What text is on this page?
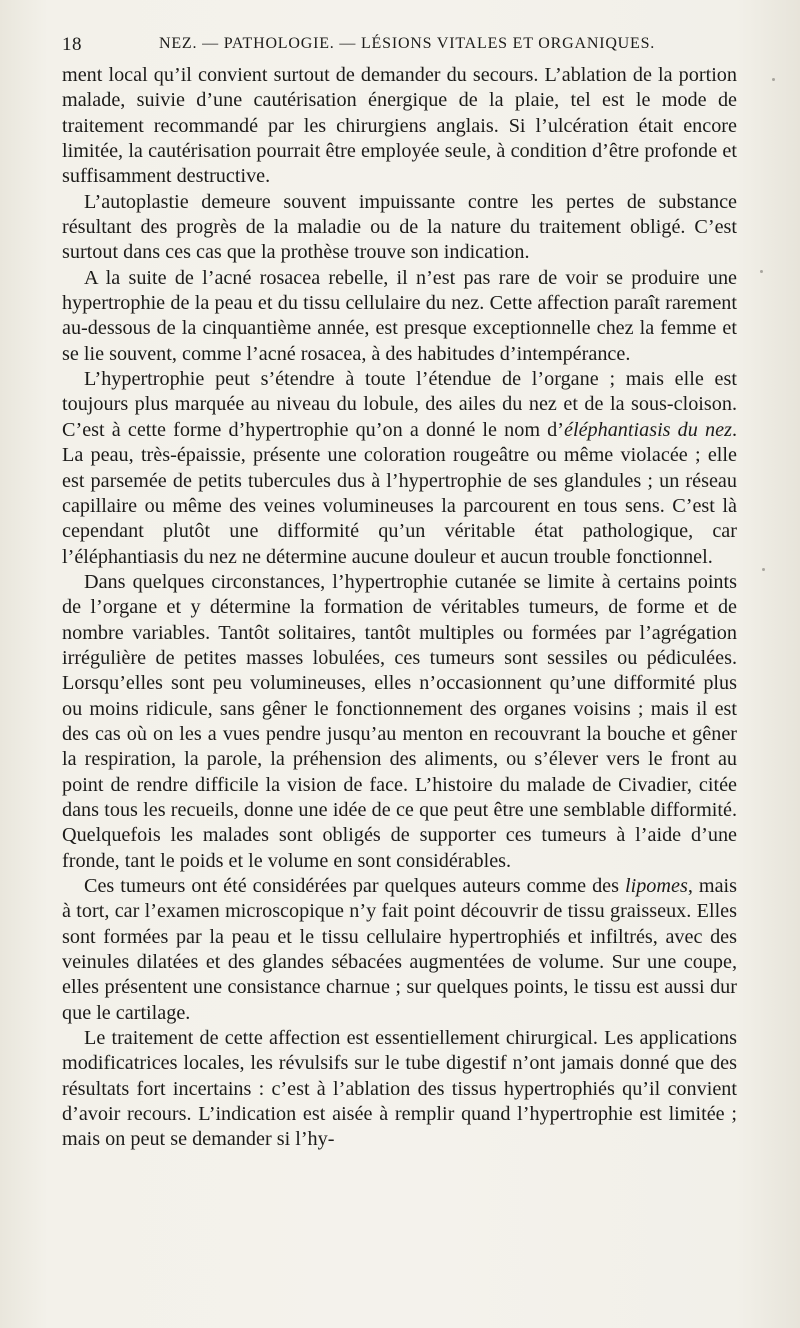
18	NEZ. — PATHOLOGIE. — LÉSIONS VITALES ET ORGANIQUES.

ment local qu’il convient surtout de demander du secours. L’ablation de la portion malade, suivie d’une cautérisation énergique de la plaie, tel est le mode de traitement recommandé par les chirurgiens anglais. Si l’ulcération était encore limitée, la cautérisation pourrait être employée seule, à condition d’être profonde et suffisamment destructive.

L’autoplastie demeure souvent impuissante contre les pertes de substance résultant des progrès de la maladie ou de la nature du traitement obligé. C’est surtout dans ces cas que la prothèse trouve son indication.

A la suite de l’acné rosacea rebelle, il n’est pas rare de voir se produire une hypertrophie de la peau et du tissu cellulaire du nez. Cette affection paraît rarement au-dessous de la cinquantième année, est presque exceptionnelle chez la femme et se lie souvent, comme l’acné rosacea, à des habitudes d’intempérance.

L’hypertrophie peut s’étendre à toute l’étendue de l’organe ; mais elle est toujours plus marquée au niveau du lobule, des ailes du nez et de la sous-cloison. C’est à cette forme d’hypertrophie qu’on a donné le nom d’éléphantiasis du nez. La peau, très-épaissie, présente une coloration rougeâtre ou même violacée ; elle est parsemée de petits tubercules dus à l’hypertrophie de ses glandules ; un réseau capillaire ou même des veines volumineuses la parcourent en tous sens. C’est là cependant plutôt une difformité qu’un véritable état pathologique, car l’éléphantiasis du nez ne détermine aucune douleur et aucun trouble fonctionnel.

Dans quelques circonstances, l’hypertrophie cutanée se limite à certains points de l’organe et y détermine la formation de véritables tumeurs, de forme et de nombre variables. Tantôt solitaires, tantôt multiples ou formées par l’agrégation irrégulière de petites masses lobulées, ces tumeurs sont sessiles ou pédiculées. Lorsqu’elles sont peu volumineuses, elles n’occasionnent qu’une difformité plus ou moins ridicule, sans gêner le fonctionnement des organes voisins ; mais il est des cas où on les a vues pendre jusqu’au menton en recouvrant la bouche et gêner la respiration, la parole, la préhension des aliments, ou s’élever vers le front au point de rendre difficile la vision de face. L’histoire du malade de Civadier, citée dans tous les recueils, donne une idée de ce que peut être une semblable difformité. Quelquefois les malades sont obligés de supporter ces tumeurs à l’aide d’une fronde, tant le poids et le volume en sont considérables.

Ces tumeurs ont été considérées par quelques auteurs comme des lipomes, mais à tort, car l’examen microscopique n’y fait point découvrir de tissu graisseux. Elles sont formées par la peau et le tissu cellulaire hypertrophiés et infiltrés, avec des veinules dilatées et des glandes sébacées augmentées de volume. Sur une coupe, elles présentent une consistance charnue ; sur quelques points, le tissu est aussi dur que le cartilage.

Le traitement de cette affection est essentiellement chirurgical. Les applications modificatrices locales, les révulsifs sur le tube digestif n’ont jamais donné que des résultats fort incertains : c’est à l’ablation des tissus hypertrophiés qu’il convient d’avoir recours. L’indication est aisée à remplir quand l’hypertrophie est limitée ; mais on peut se demander si l’hy-
